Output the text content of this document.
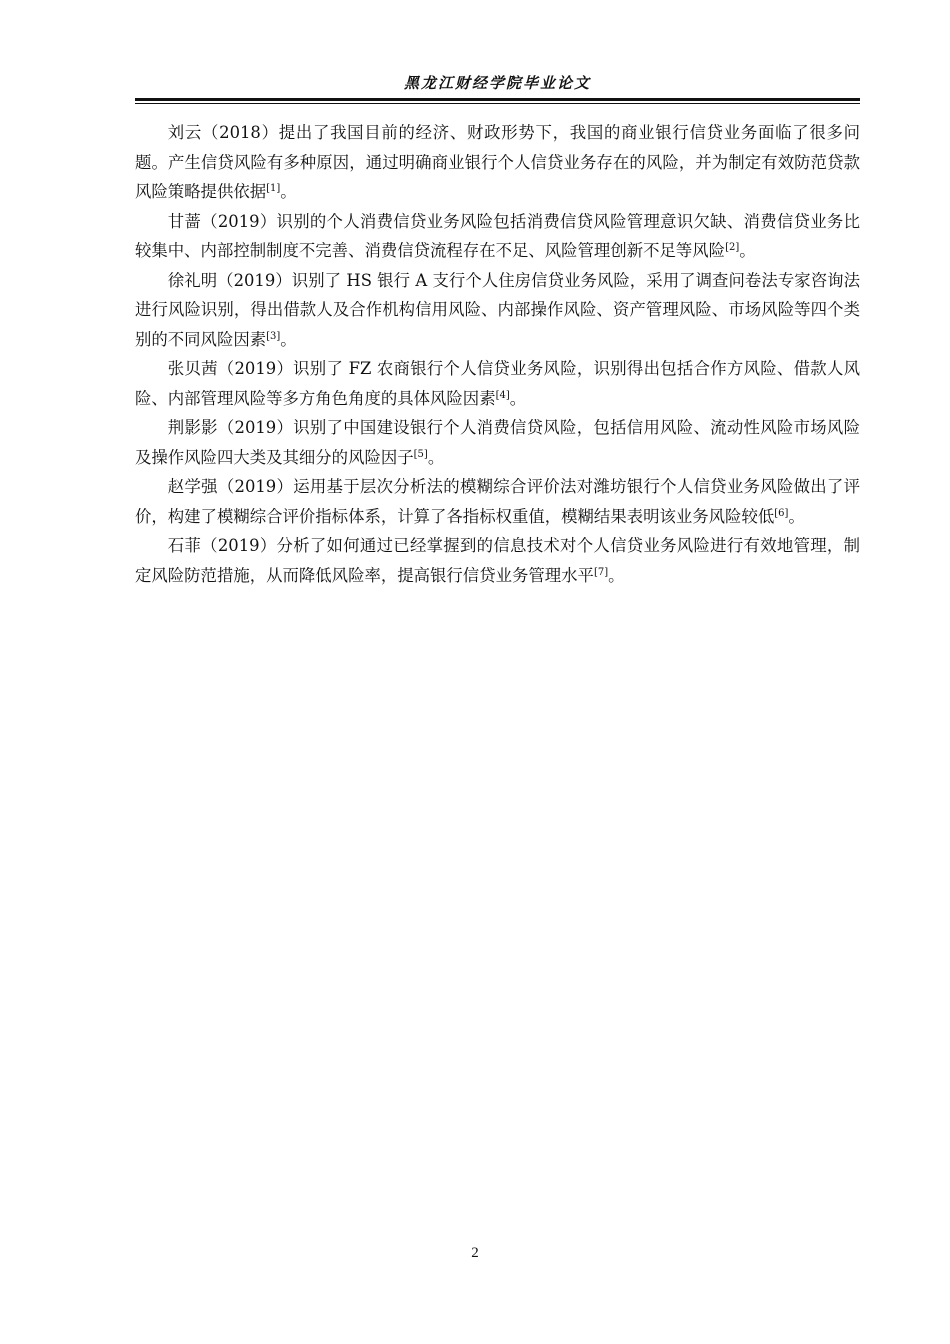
黑龙江财经学院毕业论文

刘云（2018）提出了我国目前的经济、财政形势下，我国的商业银行信贷业务面临了很多问题。产生信贷风险有多种原因，通过明确商业银行个人信贷业务存在的风险，并为制定有效防范贷款风险策略提供依据[1]。

甘蔷（2019）识别的个人消费信贷业务风险包括消费信贷风险管理意识欠缺、消费信贷业务比较集中、内部控制制度不完善、消费信贷流程存在不足、风险管理创新不足等风险[2]。

徐礼明（2019）识别了 HS 银行 A 支行个人住房信贷业务风险，采用了调查问卷法专家咨询法进行风险识别，得出借款人及合作机构信用风险、内部操作风险、资产管理风险、市场风险等四个类别的不同风险因素[3]。

张贝茜（2019）识别了 FZ 农商银行个人信贷业务风险，识别得出包括合作方风险、借款人风险、内部管理风险等多方角色角度的具体风险因素[4]。

荆影影（2019）识别了中国建设银行个人消费信贷风险，包括信用风险、流动性风险市场风险及操作风险四大类及其细分的风险因子[5]。

赵学强（2019）运用基于层次分析法的模糊综合评价法对潍坊银行个人信贷业务风险做出了评价，构建了模糊综合评价指标体系，计算了各指标权重值，模糊结果表明该业务风险较低[6]。

石菲（2019）分析了如何通过已经掌握到的信息技术对个人信贷业务风险进行有效地管理，制定风险防范措施，从而降低风险率，提高银行信贷业务管理水平[7]。

2
